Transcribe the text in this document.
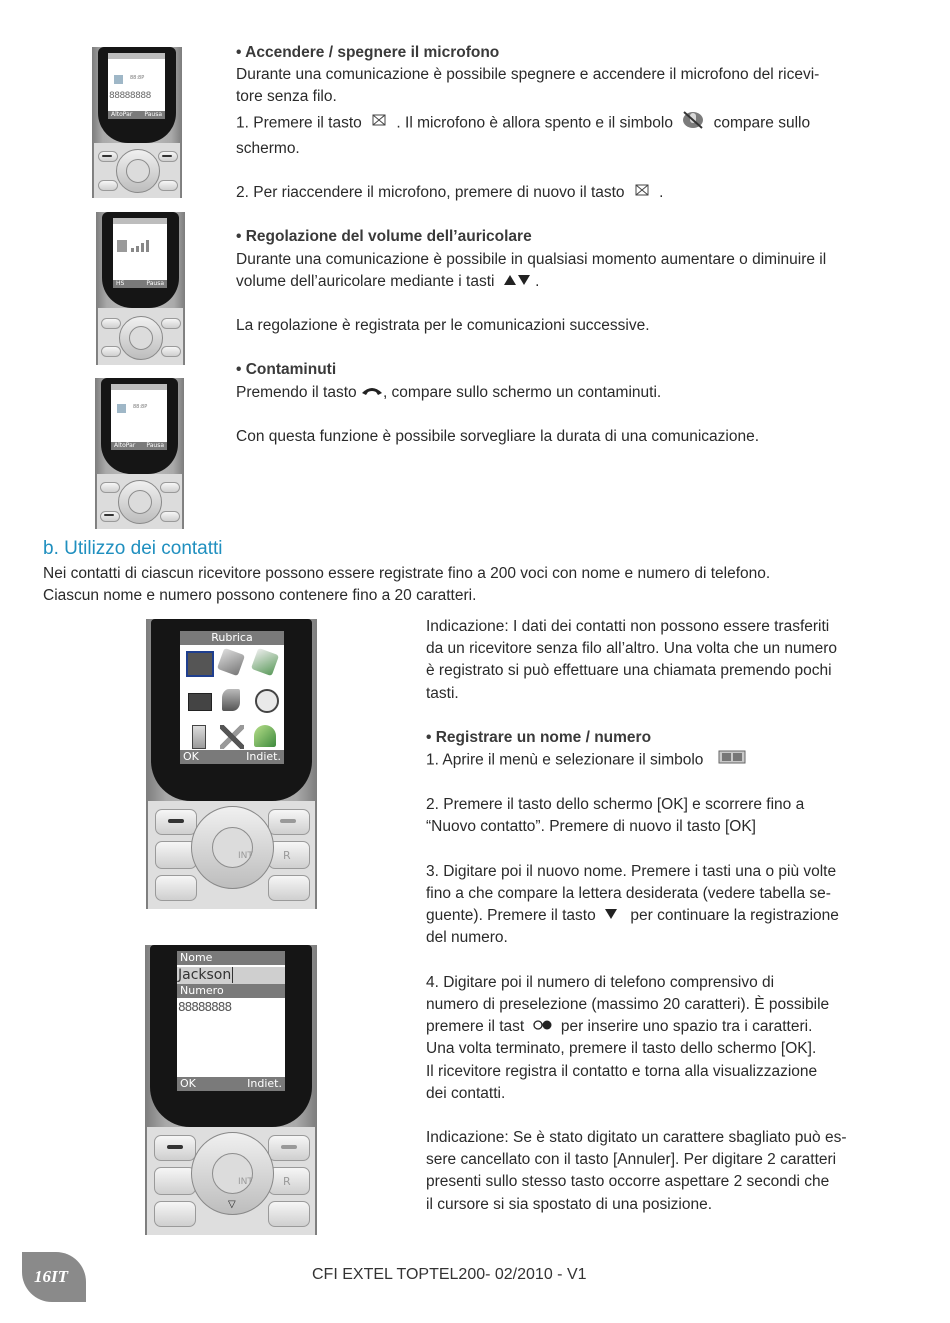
88:8P
88888888
AltoPar Pausa
HS	Pausa
88:8P
AltoPar Pausa

• Accendere / spegnere il microfono

Durante una comunicazione è possibile spegnere e accendere il microfono del ricevi-

tore senza filo.

1. Premere il tasto . Il microfono è allora spento e il simbolo	compare sullo

schermo.

2. Per riaccendere il microfono, premere di nuovo il tasto .

• Regolazione del volume dell’auricolare

Durante una comunicazione è possibile in qualsiasi momento aumentare o diminuire il

volume dell’auricolare mediante i tasti	.

La regolazione è registrata per le comunicazioni successive.

• Contaminuti

Premendo il tasto , compare sullo schermo un contaminuti.

Con questa funzione è possibile sorvegliare la durata di una comunicazione.

b. Utilizzo dei contatti

Nei contatti di ciascun ricevitore possono essere registrate fino a 200 voci con nome e numero di telefono.

Ciascun nome e numero possono contenere fino a 20 caratteri.

Rubrica
OK	Indiet.
INT	R
Nome
Jackson
Numero
88888888
OK	Indiet.
INT	R
▽

Indicazione: I dati dei contatti non possono essere trasferiti

da un ricevitore senza filo all’altro. Una volta che un numero

è registrato si può effettuare una chiamata premendo pochi

tasti.

• Registrare un nome / numero

1. Aprire il menù e selezionare il simbolo

2. Premere il tasto dello schermo [OK] e scorrere fino a

“Nuovo contatto”. Premere di nuovo il tasto [OK]

3. Digitare poi il nuovo nome. Premere i tasti una o più volte

fino a che compare la lettera desiderata (vedere tabella se-

guente). Premere il tasto per continuare la registrazione

del numero.

4. Digitare poi il numero di telefono comprensivo di

numero di preselezione (massimo 20 caratteri). È possibile

premere il tast per inserire uno spazio tra i caratteri.

Una volta terminato, premere il tasto dello schermo [OK].

Il ricevitore registra il contatto e torna alla visualizzazione

dei contatti.

Indicazione: Se è stato digitato un carattere sbagliato può es-

sere cancellato con il tasto [Annuler]. Per digitare 2 caratteri

presenti sullo stesso tasto occorre aspettare 2 secondi che

il cursore si sia spostato di una posizione.

16IT	CFI EXTEL TOPTEL200- 02/2010 - V1
